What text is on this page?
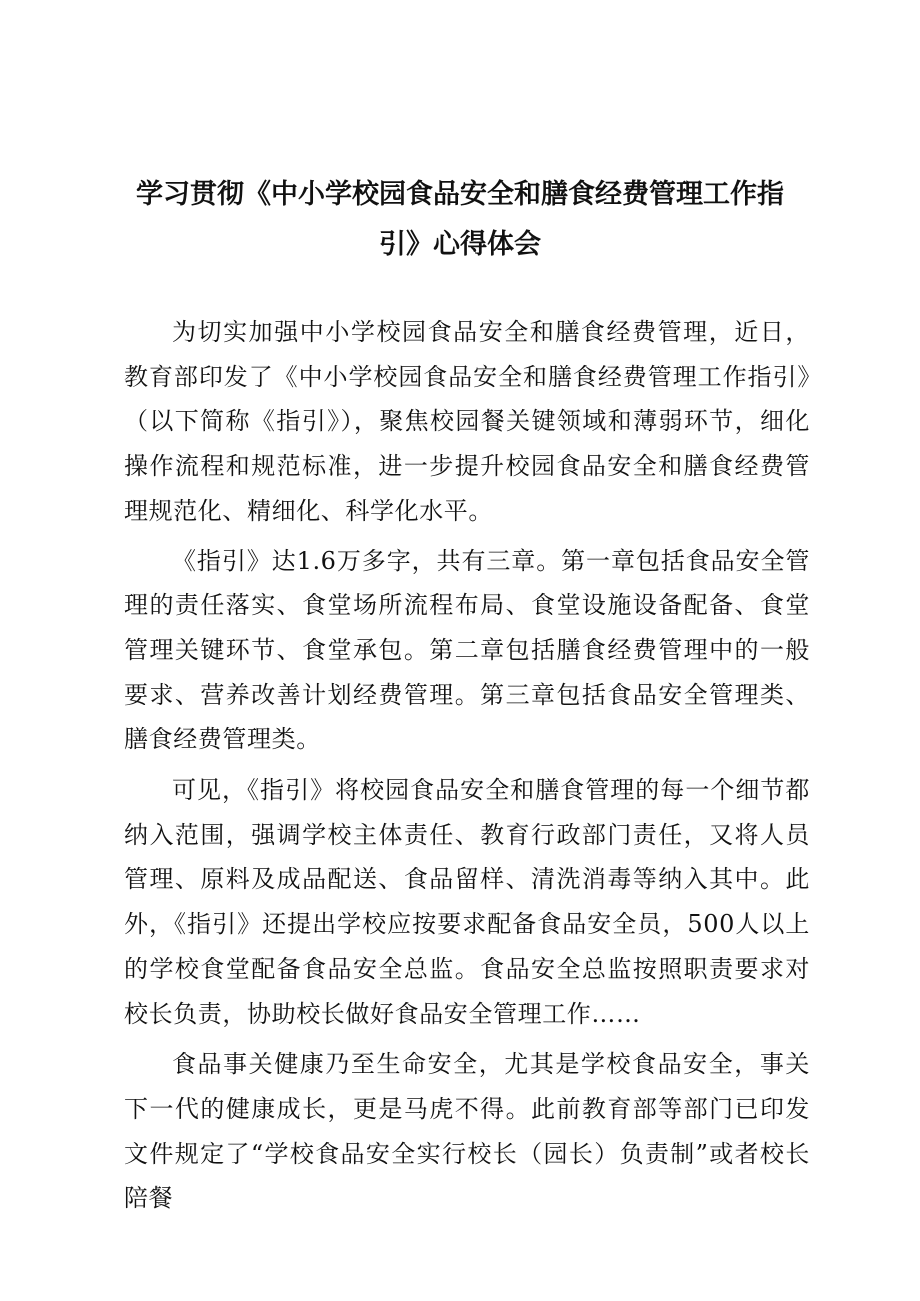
学习贯彻《中小学校园食品安全和膳食经费管理工作指
引》心得体会

为切实加强中小学校园食品安全和膳食经费管理，近日，教育部印发了《中小学校园食品安全和膳食经费管理工作指引》（以下简称《指引》），聚焦校园餐关键领域和薄弱环节，细化操作流程和规范标准，进一步提升校园食品安全和膳食经费管理规范化、精细化、科学化水平。

《指引》达1.6万多字，共有三章。第一章包括食品安全管理的责任落实、食堂场所流程布局、食堂设施设备配备、食堂管理关键环节、食堂承包。第二章包括膳食经费管理中的一般要求、营养改善计划经费管理。第三章包括食品安全管理类、膳食经费管理类。

可见，《指引》将校园食品安全和膳食管理的每一个细节都纳入范围，强调学校主体责任、教育行政部门责任，又将人员管理、原料及成品配送、食品留样、清洗消毒等纳入其中。此外，《指引》还提出学校应按要求配备食品安全员，500人以上的学校食堂配备食品安全总监。食品安全总监按照职责要求对校长负责，协助校长做好食品安全管理工作……

食品事关健康乃至生命安全，尤其是学校食品安全，事关下一代的健康成长，更是马虎不得。此前教育部等部门已印发文件规定了“学校食品安全实行校长（园长）负责制”或者校长陪餐
